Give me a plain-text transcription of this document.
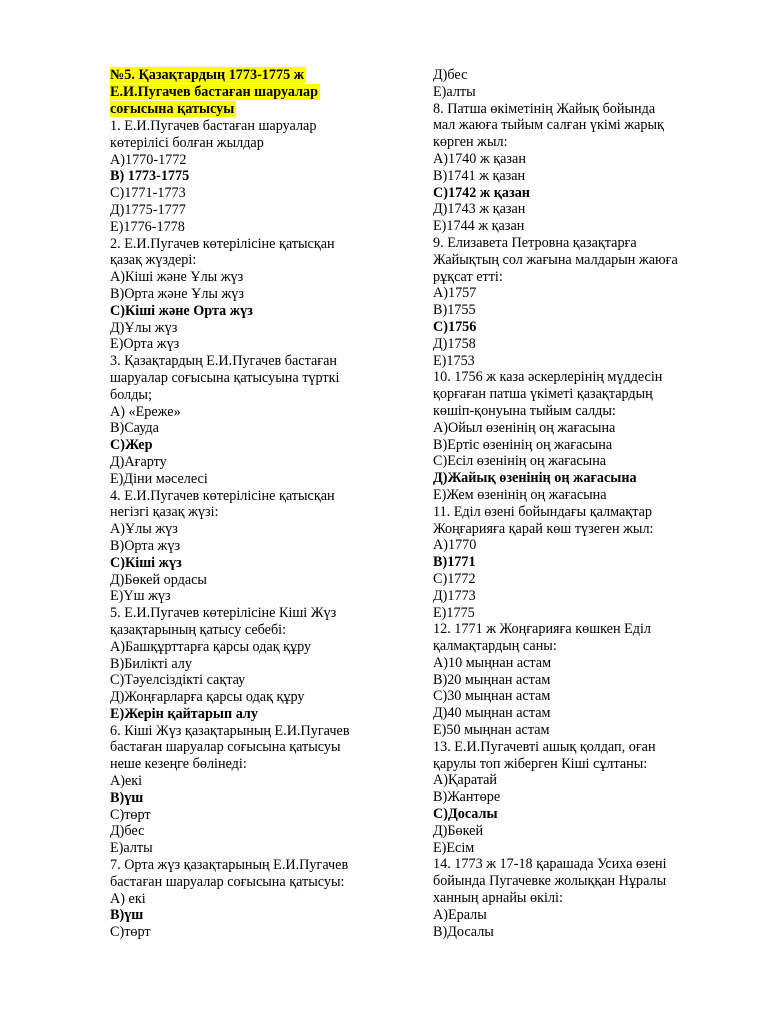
№5. Қазақтардың 1773-1775 ж
Е.И.Пугачев бастаған шаруалар
соғысына қатысуы
1. Е.И.Пугачев бастаған шаруалар
көтерілісі болған жылдар
А)1770-1772
В) 1773-1775
С)1771-1773
Д)1775-1777
Е)1776-1778
2. Е.И.Пугачев көтерілісіне қатысқан
қазақ жүздері:
А)Кіші және Ұлы жүз
В)Орта және Ұлы жүз
С)Кіші және Орта жүз
Д)Ұлы жүз
Е)Орта жүз
3. Қазақтардың Е.И.Пугачев бастаған
шаруалар соғысына қатысуына түрткі
болды;
А) «Ереже»
В)Сауда
С)Жер
Д)Ағарту
Е)Діни мәселесі
4. Е.И.Пугачев көтерілісіне қатысқан
негізгі қазақ жүзі:
А)Ұлы жүз
В)Орта жүз
С)Кіші жүз
Д)Бөкей ордасы
Е)Үш жүз
5. Е.И.Пугачев көтерілісіне Кіші Жүз
қазақтарының қатысу себебі:
А)Башқұрттарға қарсы одақ құру
В)Билікті алу
С)Тәуелсіздікті сақтау
Д)Жоңғарларға қарсы одақ құру
Е)Жерін қайтарып алу
6. Кіші Жүз қазақтарының Е.И.Пугачев
бастаған шаруалар соғысына қатысуы
неше кезеңге бөлінеді:
А)екі
В)үш
С)төрт
Д)бес
Е)алты
7. Орта жүз қазақтарының Е.И.Пугачев
бастаған шаруалар соғысына қатысуы:
А) екі
В)үш
С)төрт
Д)бес
Е)алты
8. Патша өкіметінің Жайық бойында
мал жаюға тыйым салған үкімі жарық
көрген жыл:
А)1740 ж қазан
В)1741 ж қазан
С)1742 ж қазан
Д)1743 ж қазан
Е)1744 ж қазан
9. Елизавета Петровна қазақтарға
Жайықтың сол жағына малдарын жаюға
рұқсат етті:
А)1757
В)1755
С)1756
Д)1758
Е)1753
10. 1756 ж каза әскерлерінің мүддесін
қорғаған патша үкіметі қазақтардың
көшіп-қонуына тыйым салды:
А)Ойыл өзенінің оң жағасына
В)Ертіс өзенінің оң жағасына
С)Есіл өзенінің оң жағасына
Д)Жайық өзенінің оң жағасына
Е)Жем өзенінің оң жағасына
11. Еділ өзені бойындағы қалмақтар
Жоңғарияға қарай көш түзеген жыл:
А)1770
В)1771
С)1772
Д)1773
Е)1775
12. 1771 ж Жоңғарияға көшкен Еділ
қалмақтардың саны:
А)10 мыңнан астам
В)20 мыңнан астам
С)30 мыңнан астам
Д)40 мыңнан астам
Е)50 мыңнан астам
13. Е.И.Пугачевті ашық қолдап, оған
қарулы топ жіберген Кіші сұлтаны:
А)Қаратай
В)Жантөре
С)Досалы
Д)Бөкей
Е)Есім
14. 1773 ж 17-18 қарашада Усиха өзені
бойында Пугачевке жолыққан Нұралы
ханның арнайы өкілі:
А)Ералы
В)Досалы
